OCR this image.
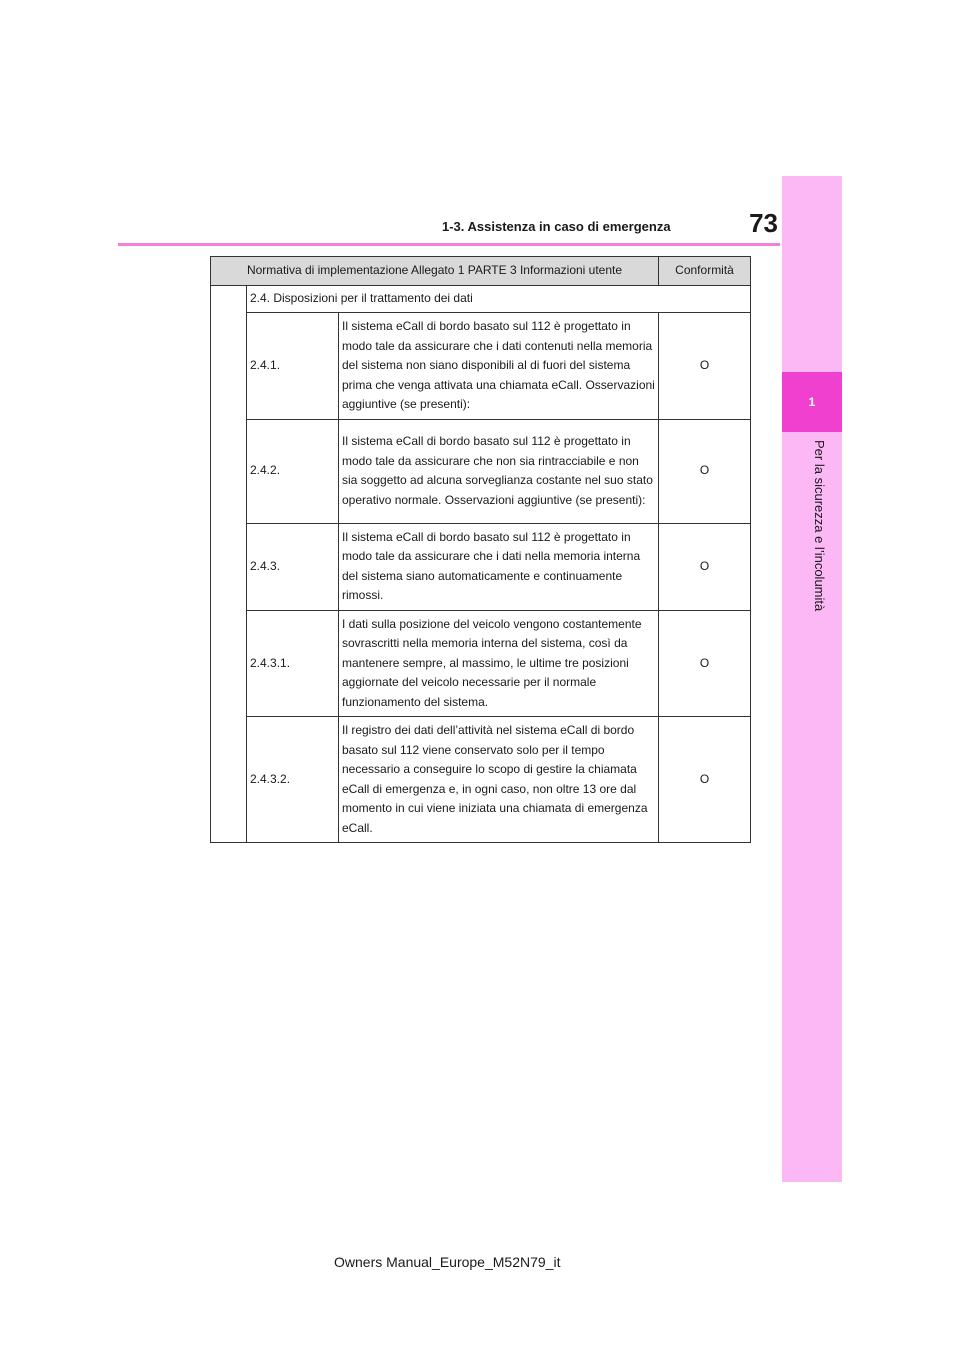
73
1-3. Assistenza in caso di emergenza
1
Per la sicurezza e l’incolumità
Normativa di implementazione Allegato 1 PARTE 3 Informazioni utente			Conformità
	2.4. Disposizioni per il trattamento dei dati		
	2.4.1.	Il sistema eCall di bordo basato sul 112 è progettato in modo tale da assicurare che i dati contenuti nella memoria del sistema non siano disponibili al di fuori del sistema prima che venga attivata una chiamata eCall. Osservazioni aggiuntive (se presenti):	O
	2.4.2.	Il sistema eCall di bordo basato sul 112 è progettato in modo tale da assicurare che non sia rintracciabile e non sia soggetto ad alcuna sorveglianza costante nel suo stato operativo normale. Osservazioni aggiuntive (se presenti):	O
	2.4.3.	Il sistema eCall di bordo basato sul 112 è progettato in modo tale da assicurare che i dati nella memoria interna del sistema siano automaticamente e continuamente rimossi.	O
	2.4.3.1.	I dati sulla posizione del veicolo vengono costantemente sovrascritti nella memoria interna del sistema, così da mantenere sempre, al massimo, le ultime tre posizioni aggiornate del veicolo necessarie per il normale funzionamento del sistema.	O
	2.4.3.2.	Il registro dei dati dell’attività nel sistema eCall di bordo basato sul 112 viene conservato solo per il tempo necessario a conseguire lo scopo di gestire la chiamata eCall di emergenza e, in ogni caso, non oltre 13 ore dal momento in cui viene iniziata una chiamata di emergenza eCall.	O
Owners Manual_Europe_M52N79_it
